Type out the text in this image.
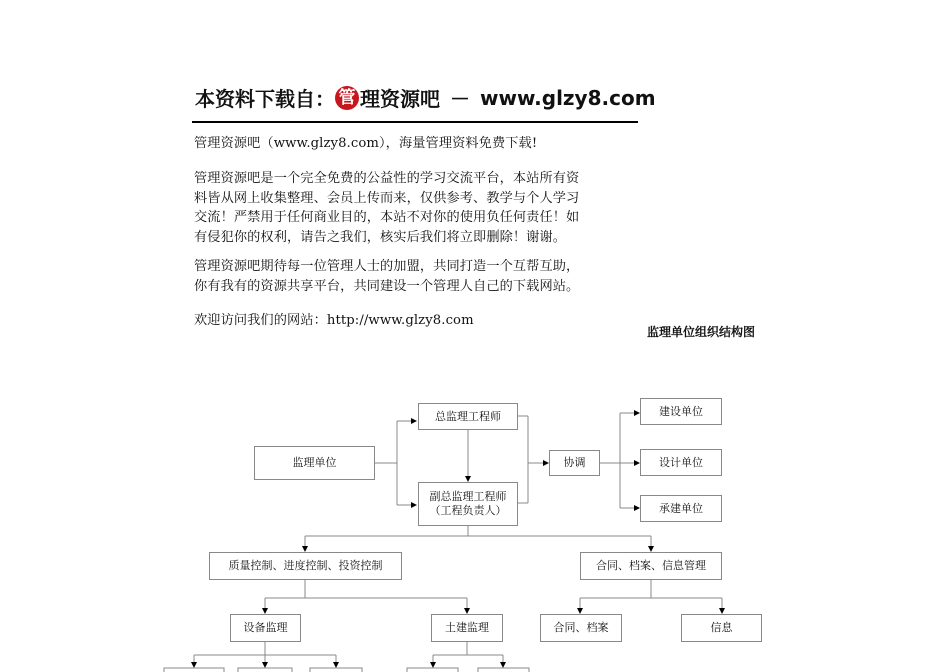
本资料下载自： 管 理资源吧 － www.glzy8.com
管理资源吧（www.glzy8.com），海量管理资料免费下载!
管理资源吧是一个完全免费的公益性的学习交流平台，本站所有资
料皆从网上收集整理、会员上传而来，仅供参考、教学与个人学习
交流！严禁用于任何商业目的，本站不对你的使用负任何责任！如
有侵犯你的权利，请告之我们，核实后我们将立即删除！谢谢。
管理资源吧期待每一位管理人士的加盟，共同打造一个互帮互助，
你有我有的资源共享平台，共同建设一个管理人自己的下载网站。
欢迎访问我们的网站：http://www.glzy8.com
监理单位组织结构图
监理单位
总监理工程师
副总监理工程师
（工程负责人）
协调
建设单位
设计单位
承建单位
质量控制、进度控制、投资控制	合同、档案、信息管理
设备监理	土建监理	合同、档案	信息
